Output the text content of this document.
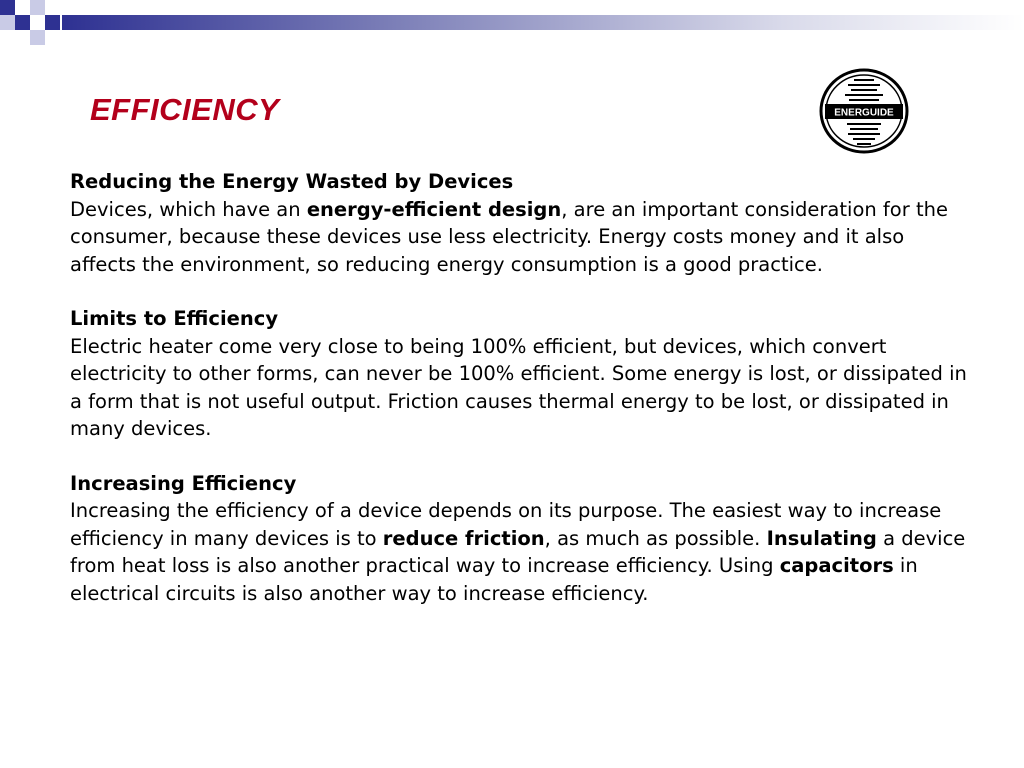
EFFICIENCY	ENERGUIDE
Reducing the Energy Wasted by Devices

Devices, which have an energy-efficient design, are an important consideration for the consumer, because these devices use less electricity. Energy costs money and it also affects the environment, so reducing energy consumption is a good practice.

Limits to Efficiency

Electric heater come very close to being 100% efficient, but devices, which convert electricity to other forms, can never be 100% efficient. Some energy is lost, or dissipated in a form that is not useful output. Friction causes thermal energy to be lost, or dissipated in many devices.

Increasing Efficiency

Increasing the efficiency of a device depends on its purpose. The easiest way to increase efficiency in many devices is to reduce friction, as much as possible. Insulating a device from heat loss is also another practical way to increase efficiency. Using capacitors in electrical circuits is also another way to increase efficiency.
